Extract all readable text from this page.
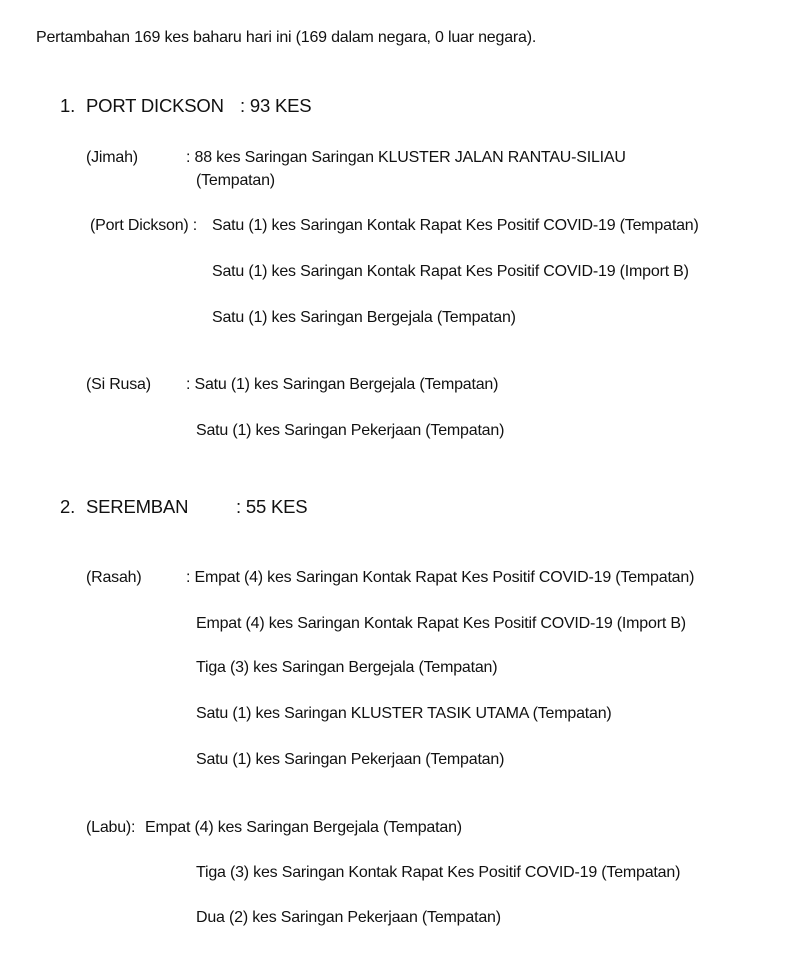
Pertambahan 169 kes baharu hari ini (169 dalam negara, 0 luar negara).
1. PORT DICKSON : 93 KES
(Jimah)	: 88 kes Saringan Saringan KLUSTER JALAN RANTAU-SILIAU
(Tempatan)
(Port Dickson) : Satu (1) kes Saringan Kontak Rapat Kes Positif COVID-19 (Tempatan)
Satu (1) kes Saringan Kontak Rapat Kes Positif COVID-19 (Import B)
Satu (1) kes Saringan Bergejala (Tempatan)
(Si Rusa) : Satu (1) kes Saringan Bergejala (Tempatan)
Satu (1) kes Saringan Pekerjaan (Tempatan)
2. SEREMBAN	: 55 KES
(Rasah)	: Empat (4) kes Saringan Kontak Rapat Kes Positif COVID-19 (Tempatan)
Empat (4) kes Saringan Kontak Rapat Kes Positif COVID-19 (Import B)
Tiga (3) kes Saringan Bergejala (Tempatan)
Satu (1) kes Saringan KLUSTER TASIK UTAMA (Tempatan)
Satu (1) kes Saringan Pekerjaan (Tempatan)
(Labu): Empat (4) kes Saringan Bergejala (Tempatan)
Tiga (3) kes Saringan Kontak Rapat Kes Positif COVID-19 (Tempatan)
Dua (2) kes Saringan Pekerjaan (Tempatan)
